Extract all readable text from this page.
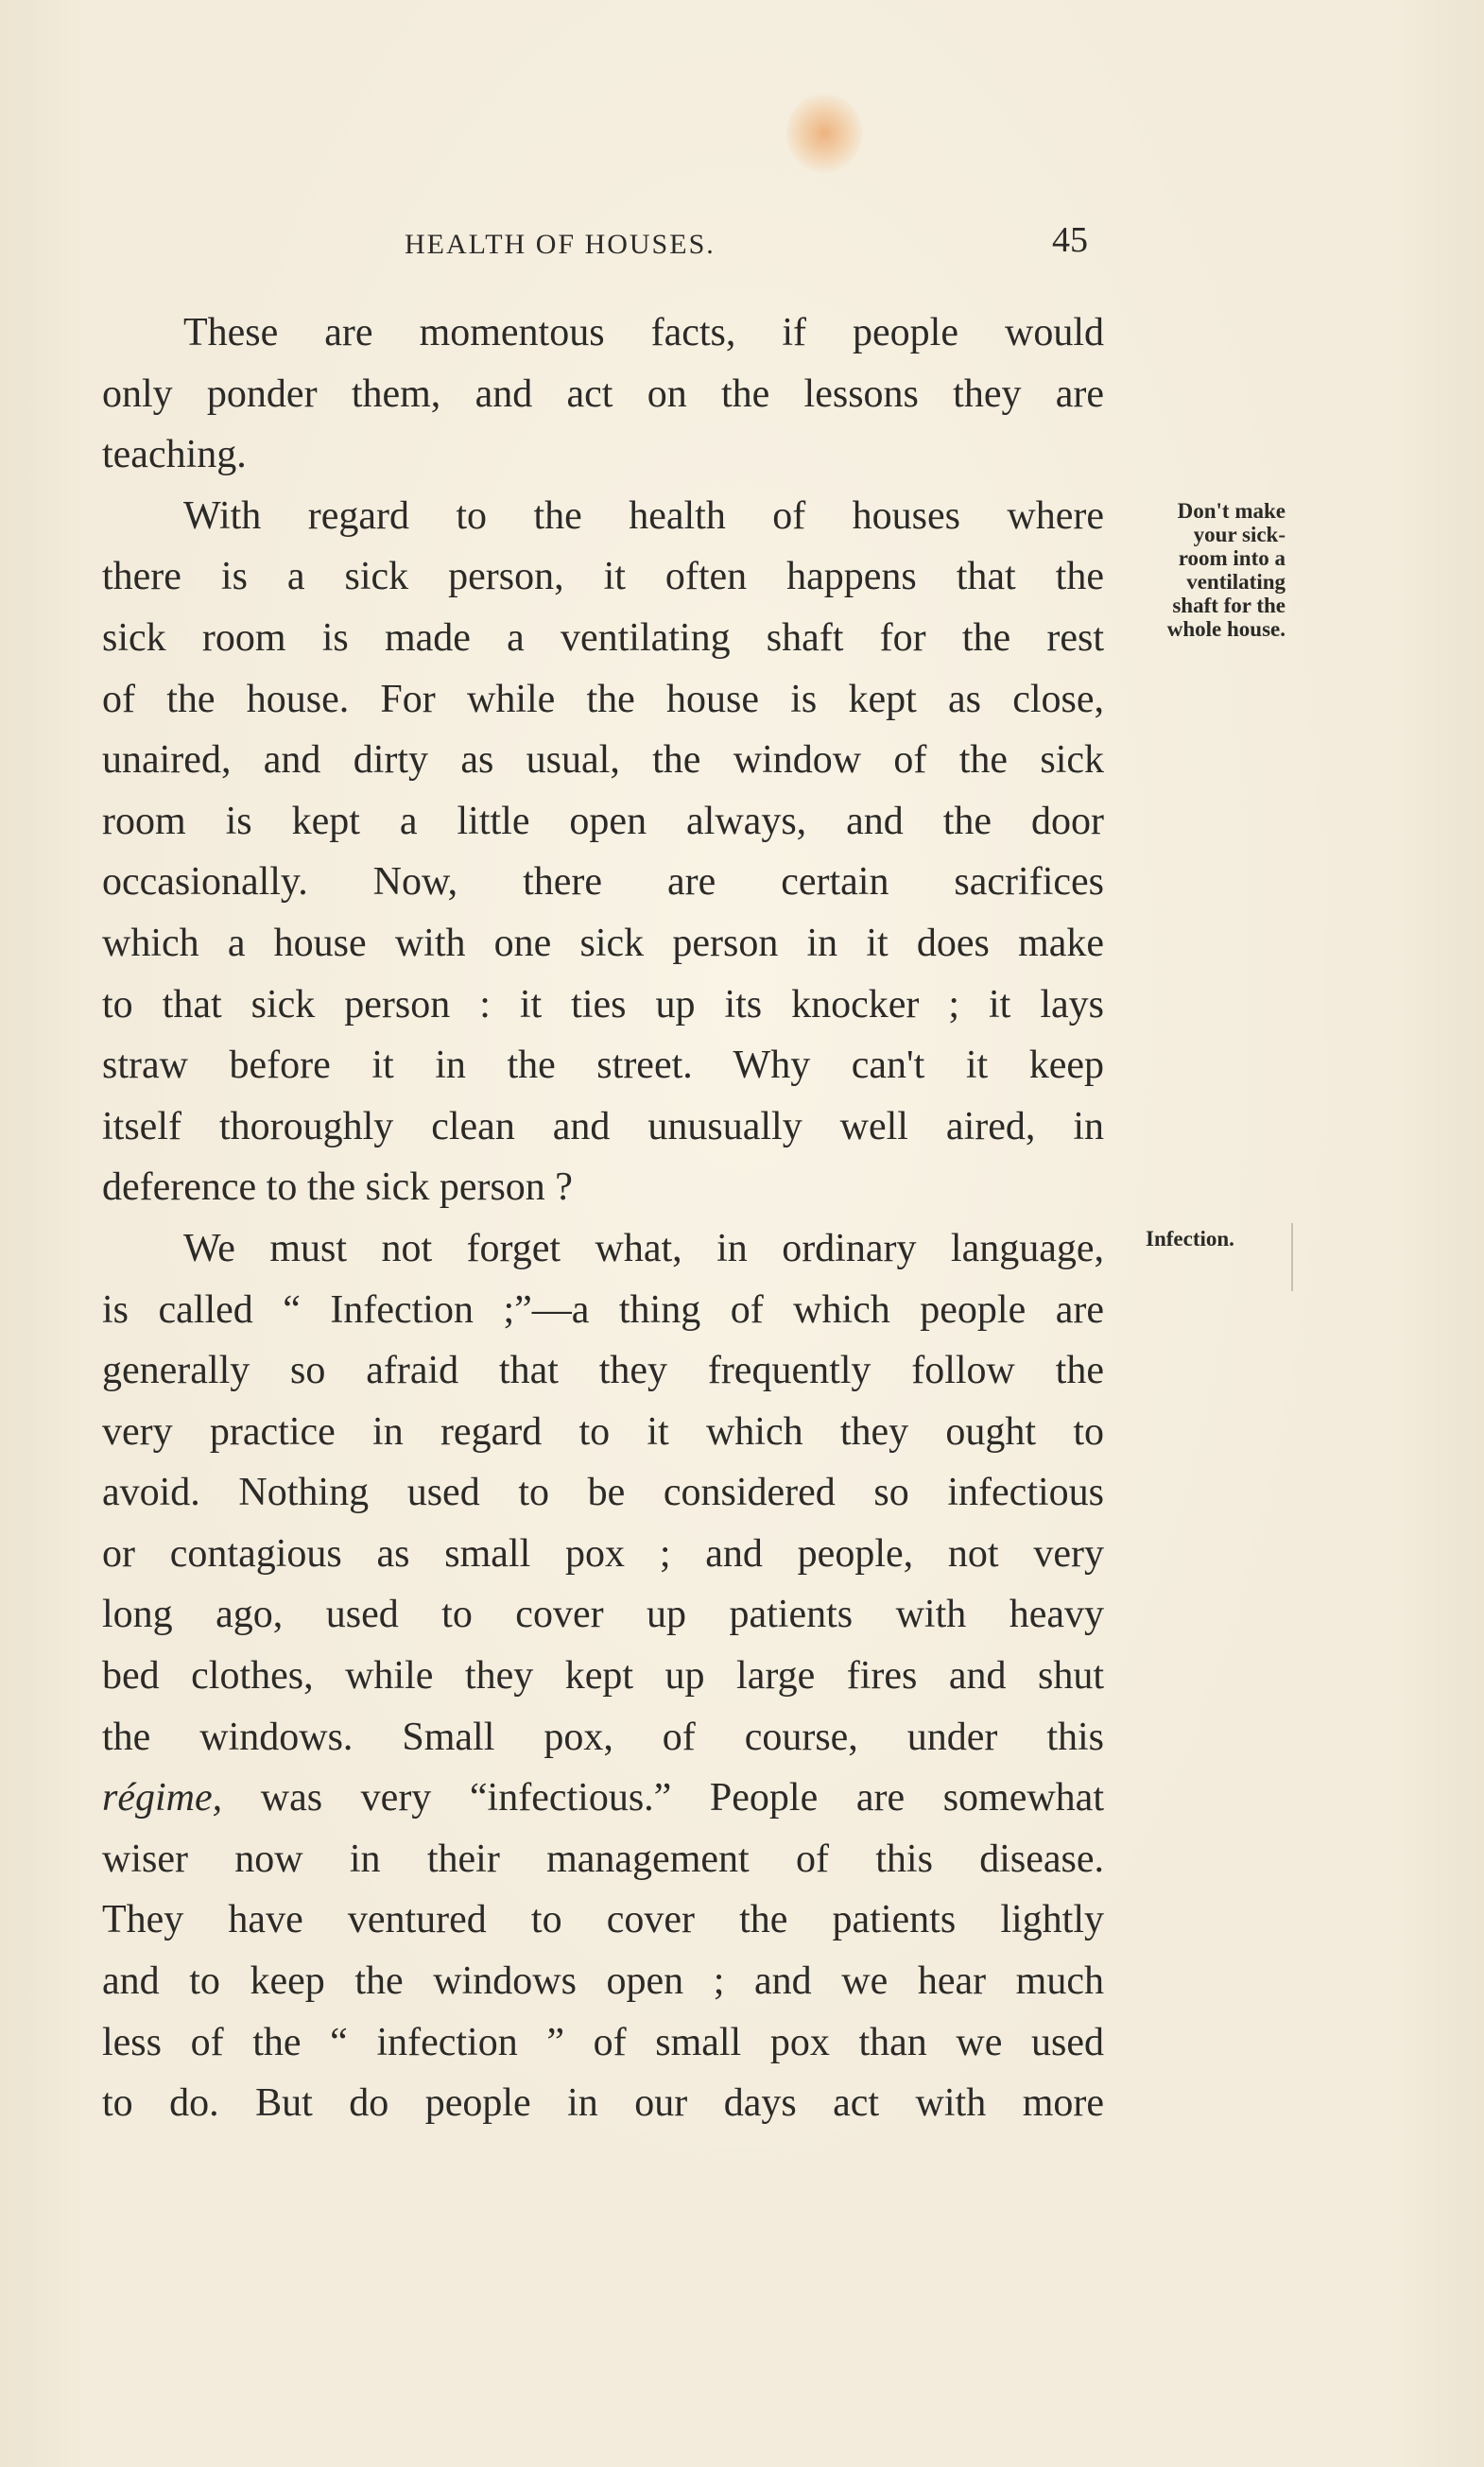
HEALTH OF HOUSES.	45
These are momentous facts, if people would
only ponder them, and act on the lessons they are
teaching.
With regard to the health of houses where
there is a sick person, it often happens that the
sick room is made a ventilating shaft for the rest
of the house. For while the house is kept as close,
unaired, and dirty as usual, the window of the sick
room is kept a little open always, and the door
occasionally. Now, there are certain sacrifices
which a house with one sick person in it does make
to that sick person : it ties up its knocker ; it lays
straw before it in the street. Why can't it keep
itself thoroughly clean and unusually well aired, in
deference to the sick person ?
We must not forget what, in ordinary language,
is called “ Infection ;”—a thing of which people are
generally so afraid that they frequently follow the
very practice in regard to it which they ought to
avoid. Nothing used to be considered so infectious
or contagious as small pox ; and people, not very
long ago, used to cover up patients with heavy
bed clothes, while they kept up large fires and shut
the windows. Small pox, of course, under this
régime, was very “infectious.” People are somewhat
wiser now in their management of this disease.
They have ventured to cover the patients lightly
and to keep the windows open ; and we hear much
less of the “ infection ” of small pox than we used
to do. But do people in our days act with more
Don't make
your sick-
room into a
ventilating
shaft for the
whole house.
Infection.
